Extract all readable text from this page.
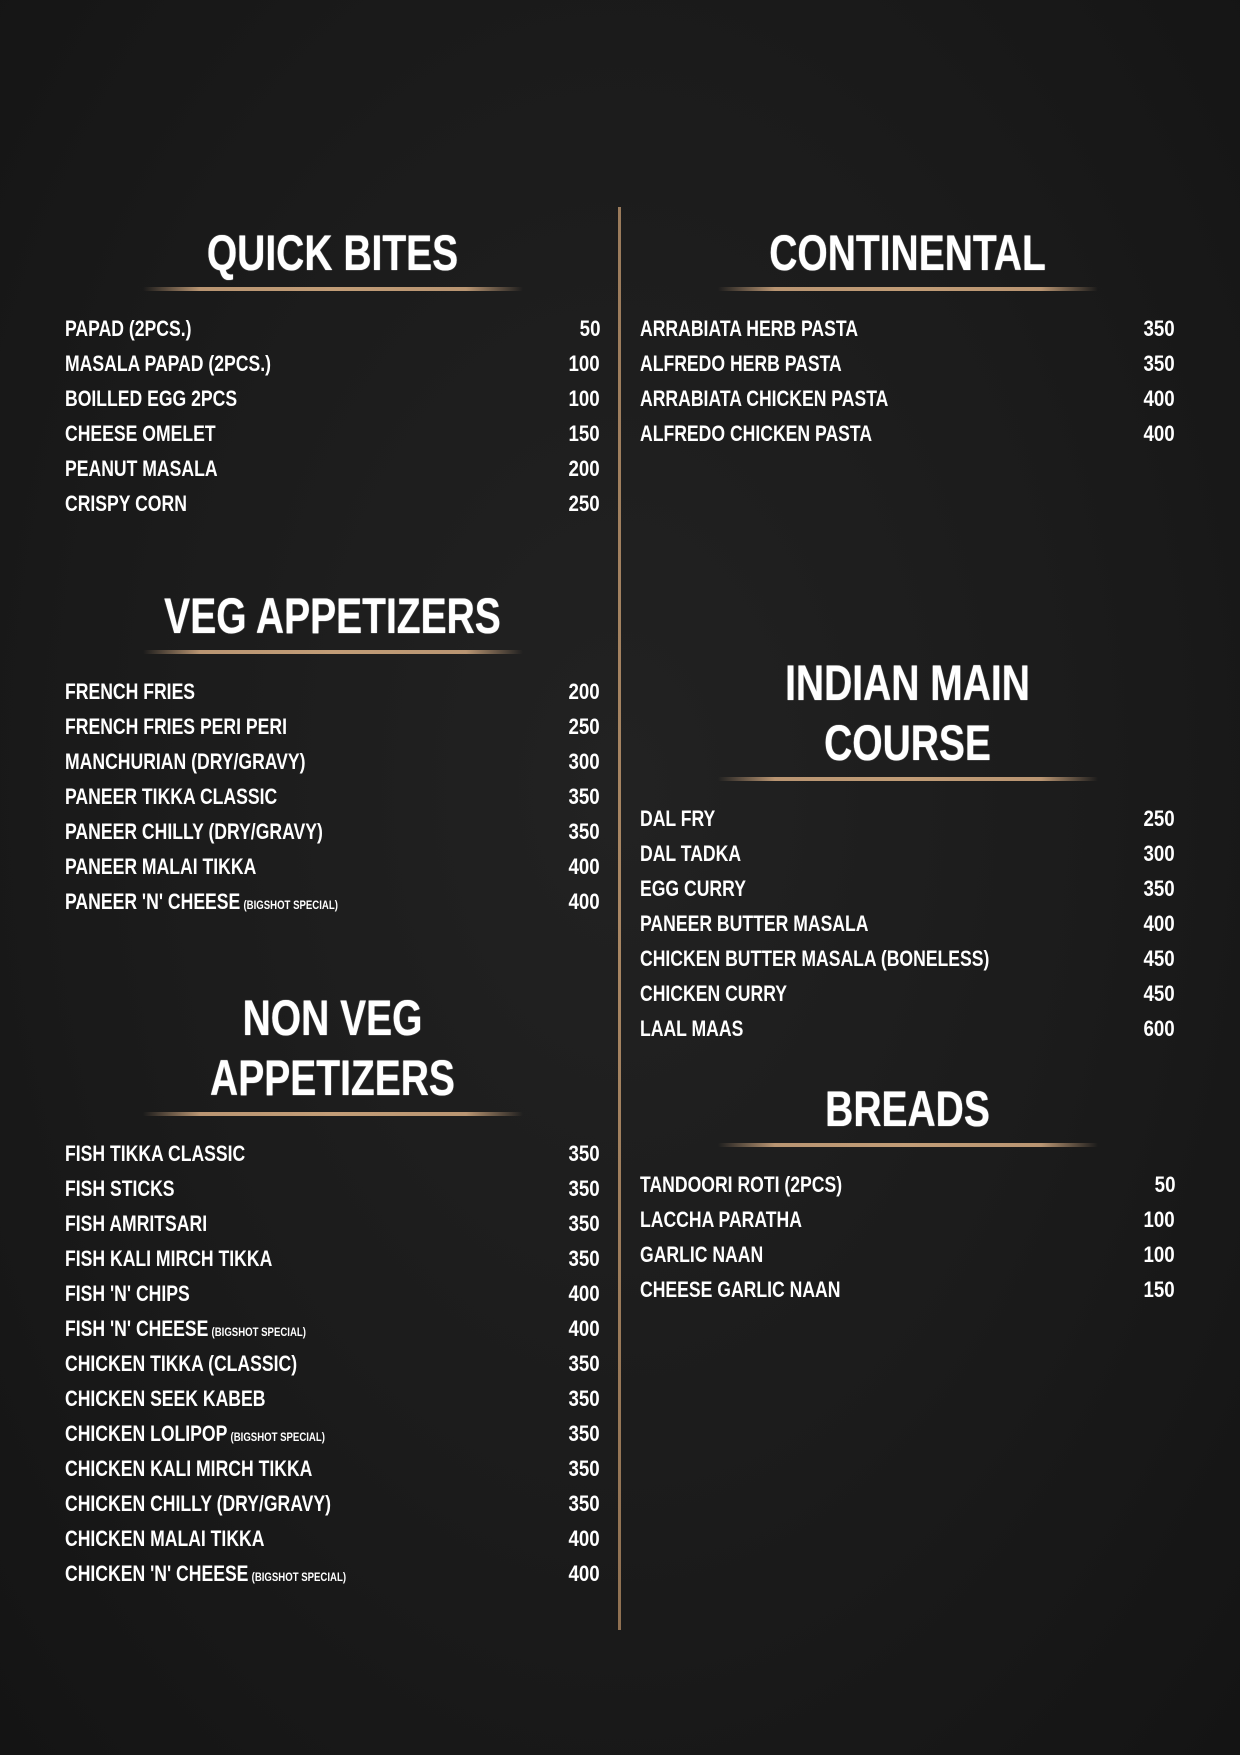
QUICK BITES
PAPAD (2PCS.)	50
MASALA PAPAD (2PCS.)	100
BOILLED EGG 2PCS	100
CHEESE OMELET	150
PEANUT MASALA	200
CRISPY CORN	250
VEG APPETIZERS
FRENCH FRIES	200
FRENCH FRIES PERI PERI	250
MANCHURIAN (DRY/GRAVY)	300
PANEER TIKKA CLASSIC	350
PANEER CHILLY (DRY/GRAVY)	350
PANEER MALAI TIKKA	400
PANEER 'N' CHEESE (BIGSHOT SPECIAL)	400
NON VEG APPETIZERS
FISH TIKKA CLASSIC	350
FISH STICKS	350
FISH AMRITSARI	350
FISH KALI MIRCH TIKKA	350
FISH 'N' CHIPS	400
FISH 'N' CHEESE (BIGSHOT SPECIAL)	400
CHICKEN TIKKA (CLASSIC)	350
CHICKEN SEEK KABEB	350
CHICKEN LOLIPOP (BIGSHOT SPECIAL)	350
CHICKEN KALI MIRCH TIKKA	350
CHICKEN CHILLY (DRY/GRAVY)	350
CHICKEN MALAI TIKKA	400
CHICKEN 'N' CHEESE (BIGSHOT SPECIAL)	400
CONTINENTAL
ARRABIATA HERB PASTA	350
ALFREDO HERB PASTA	350
ARRABIATA CHICKEN PASTA	400
ALFREDO CHICKEN PASTA	400
INDIAN MAIN COURSE
DAL FRY	250
DAL TADKA	300
EGG CURRY	350
PANEER BUTTER MASALA	400
CHICKEN BUTTER MASALA (BONELESS)	450
CHICKEN CURRY	450
LAAL MAAS	600
BREADS
TANDOORI ROTI (2PCS)	50
LACCHA PARATHA	100
GARLIC NAAN	100
CHEESE GARLIC NAAN	150
